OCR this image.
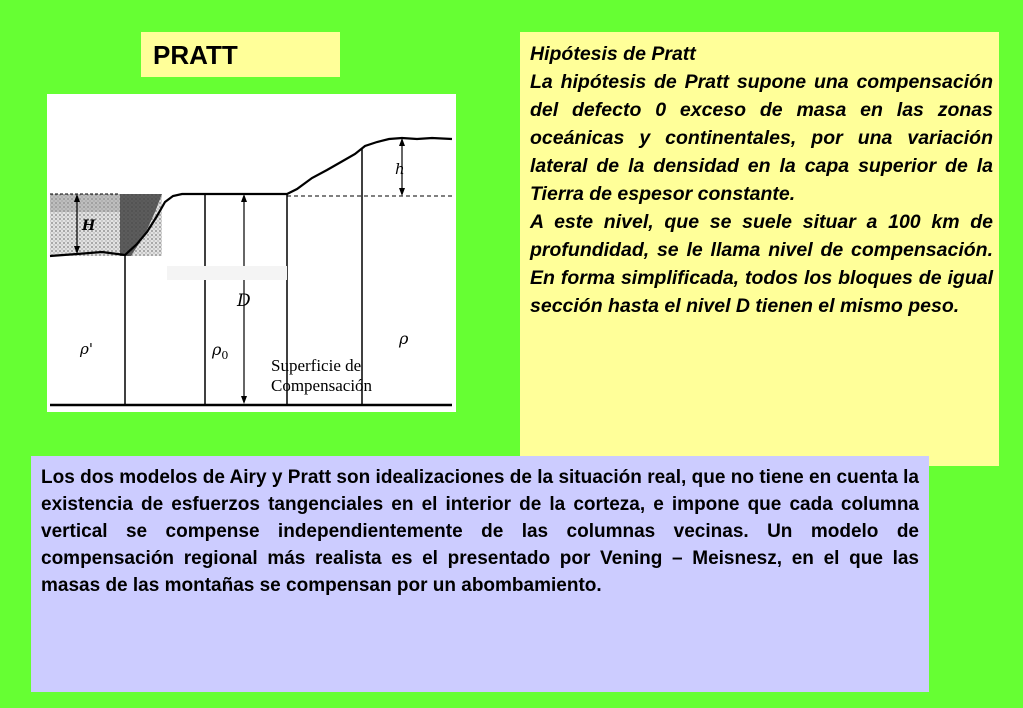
PRATT
H
h
D
ρ'	$\rho_0$
ρ
Superficie de
Compensación

Hipótesis de Pratt

La hipótesis de Pratt supone una compensación del defecto 0 exceso de masa en las zonas oceánicas y continentales, por una variación lateral de la densidad en la capa superior de la Tierra de espesor constante.

A este nivel, que se suele situar a 100 km de profundidad, se le llama nivel de compensación. En forma simplificada, todos los bloques de igual sección hasta el nivel D tienen el mismo peso.

Los dos modelos de Airy y Pratt son idealizaciones de la situación real, que no tiene en cuenta la existencia de esfuerzos tangenciales en el interior de la corteza, e impone que cada columna vertical se compense independientemente de las columnas vecinas. Un modelo de compensación regional más realista es el presentado por Vening – Meisnesz, en el que las masas de las montañas se compensan por un abombamiento.
